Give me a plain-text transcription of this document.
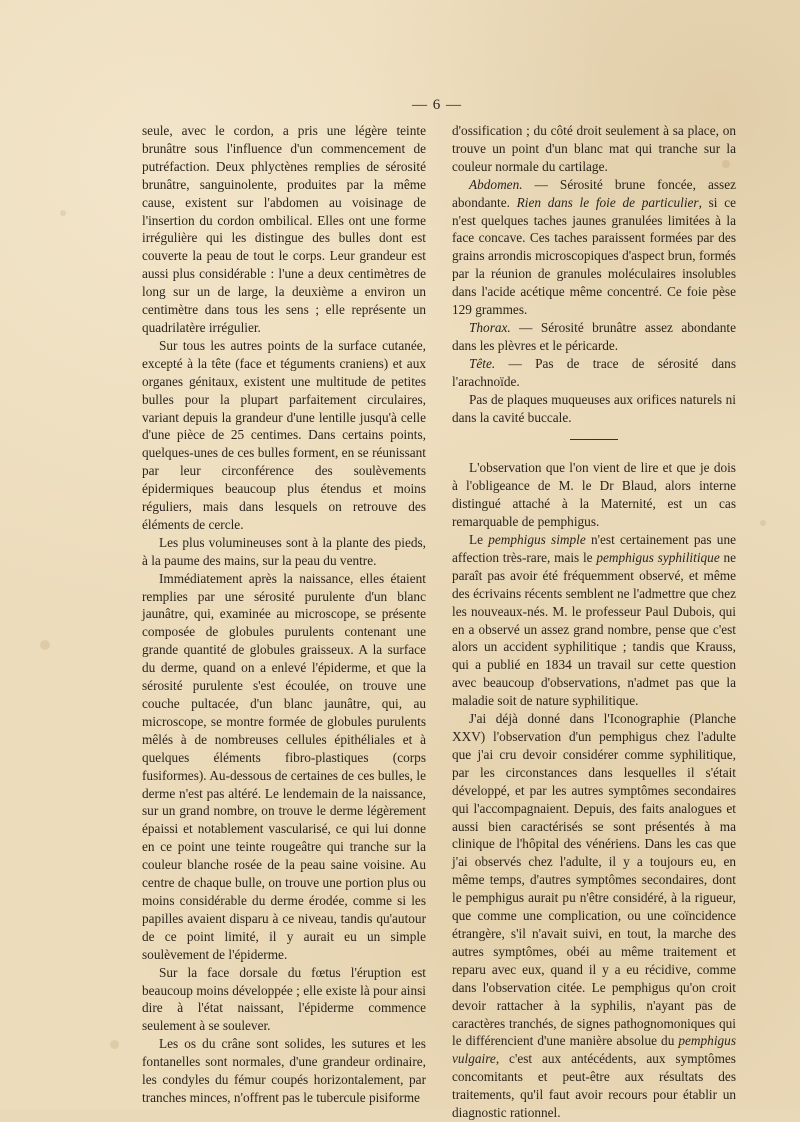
— 6 —

seule, avec le cordon, a pris une légère teinte brunâtre sous l'influence d'un commencement de putréfaction. Deux phlyctènes remplies de sérosité brunâtre, sanguinolente, produites par la même cause, existent sur l'abdomen au voisinage de l'insertion du cordon ombilical. Elles ont une forme irrégulière qui les distingue des bulles dont est couverte la peau de tout le corps. Leur grandeur est aussi plus considérable : l'une a deux centimètres de long sur un de large, la deuxième a environ un centimètre dans tous les sens ; elle représente un quadrilatère irrégulier.

Sur tous les autres points de la surface cutanée, excepté à la tête (face et téguments craniens) et aux organes génitaux, existent une multitude de petites bulles pour la plupart parfaitement circulaires, variant depuis la grandeur d'une lentille jusqu'à celle d'une pièce de 25 centimes. Dans certains points, quelques-unes de ces bulles forment, en se réunissant par leur circonférence des soulèvements épidermiques beaucoup plus étendus et moins réguliers, mais dans lesquels on retrouve des éléments de cercle.

Les plus volumineuses sont à la plante des pieds, à la paume des mains, sur la peau du ventre.

Immédiatement après la naissance, elles étaient remplies par une sérosité purulente d'un blanc jaunâtre, qui, examinée au microscope, se présente composée de globules purulents contenant une grande quantité de globules graisseux. A la surface du derme, quand on a enlevé l'épiderme, et que la sérosité purulente s'est écoulée, on trouve une couche pultacée, d'un blanc jaunâtre, qui, au microscope, se montre formée de globules purulents mêlés à de nombreuses cellules épithéliales et à quelques éléments fibro-plastiques (corps fusiformes). Au-dessous de certaines de ces bulles, le derme n'est pas altéré. Le lendemain de la naissance, sur un grand nombre, on trouve le derme légèrement épaissi et notablement vascularisé, ce qui lui donne en ce point une teinte rougeâtre qui tranche sur la couleur blanche rosée de la peau saine voisine. Au centre de chaque bulle, on trouve une portion plus ou moins considérable du derme érodée, comme si les papilles avaient disparu à ce niveau, tandis qu'autour de ce point limité, il y aurait eu un simple soulèvement de l'épiderme.

Sur la face dorsale du fœtus l'éruption est beaucoup moins développée ; elle existe là pour ainsi dire à l'état naissant, l'épiderme commence seulement à se soulever.

Les os du crâne sont solides, les sutures et les fontanelles sont normales, d'une grandeur ordinaire, les condyles du fémur coupés horizontalement, par tranches minces, n'offrent pas le tubercule pisiforme

d'ossification ; du côté droit seulement à sa place, on trouve un point d'un blanc mat qui tranche sur la couleur normale du cartilage.

Abdomen. — Sérosité brune foncée, assez abondante. Rien dans le foie de particulier, si ce n'est quelques taches jaunes granulées limitées à la face concave. Ces taches paraissent formées par des grains arrondis microscopiques d'aspect brun, formés par la réunion de granules moléculaires insolubles dans l'acide acétique même concentré. Ce foie pèse 129 grammes.

Thorax. — Sérosité brunâtre assez abondante dans les plèvres et le péricarde.

Tête. — Pas de trace de sérosité dans l'arachnoïde.

Pas de plaques muqueuses aux orifices naturels ni dans la cavité buccale.

L'observation que l'on vient de lire et que je dois à l'obligeance de M. le Dr Blaud, alors interne distingué attaché à la Maternité, est un cas remarquable de pemphigus.

Le pemphigus simple n'est certainement pas une affection très-rare, mais le pemphigus syphilitique ne paraît pas avoir été fréquemment observé, et même des écrivains récents semblent ne l'admettre que chez les nouveaux-nés. M. le professeur Paul Dubois, qui en a observé un assez grand nombre, pense que c'est alors un accident syphilitique ; tandis que Krauss, qui a publié en 1834 un travail sur cette question avec beaucoup d'observations, n'admet pas que la maladie soit de nature syphilitique.

J'ai déjà donné dans l'Iconographie (Planche XXV) l'observation d'un pemphigus chez l'adulte que j'ai cru devoir considérer comme syphilitique, par les circonstances dans lesquelles il s'était développé, et par les autres symptômes secondaires qui l'accompagnaient. Depuis, des faits analogues et aussi bien caractérisés se sont présentés à ma clinique de l'hôpital des vénériens. Dans les cas que j'ai observés chez l'adulte, il y a toujours eu, en même temps, d'autres symptômes secondaires, dont le pemphigus aurait pu n'être considéré, à la rigueur, que comme une complication, ou une coïncidence étrangère, s'il n'avait suivi, en tout, la marche des autres symptômes, obéi au même traitement et reparu avec eux, quand il y a eu récidive, comme dans l'observation citée. Le pemphigus qu'on croit devoir rattacher à la syphilis, n'ayant pas de caractères tranchés, de signes pathognomoniques qui le différencient d'une manière absolue du pemphigus vulgaire, c'est aux antécédents, aux symptômes concomitants et peut-être aux résultats des traitements, qu'il faut avoir recours pour établir un diagnostic rationnel.
